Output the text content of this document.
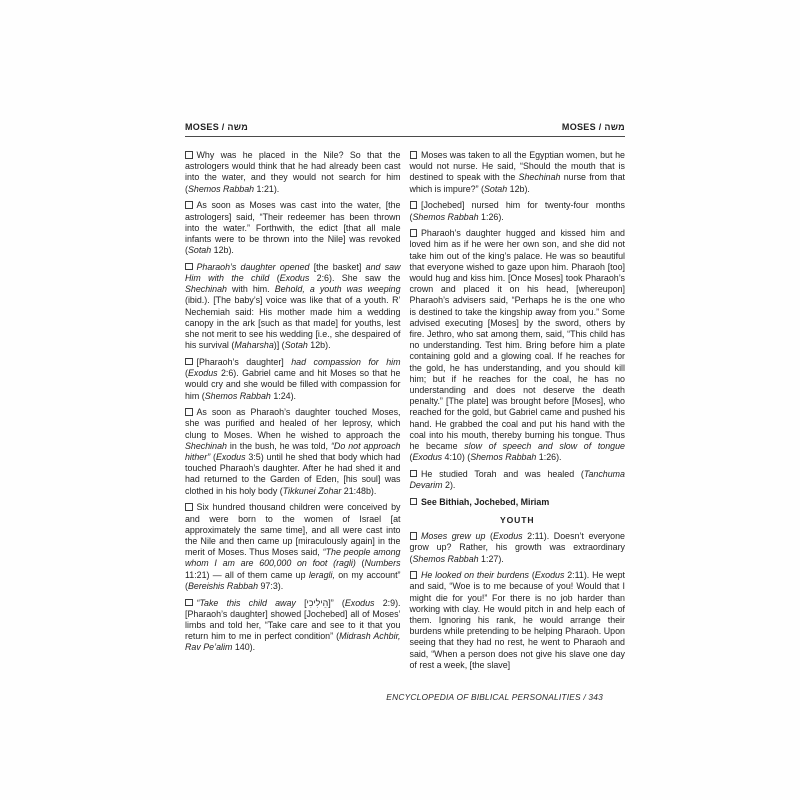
MOSES / משה	MOSES / משה

Why was he placed in the Nile? So that the astrologers would think that he had already been cast into the water, and they would not search for him (Shemos Rabbah 1:21).

As soon as Moses was cast into the water, [the astrologers] said, “Their redeemer has been thrown into the water.” Forthwith, the edict [that all male infants were to be thrown into the Nile] was revoked (Sotah 12b).

Pharaoh’s daughter opened [the basket] and saw Him with the child (Exodus 2:6). She saw the Shechinah with him. Behold, a youth was weeping (ibid.). [The baby’s] voice was like that of a youth. R’ Nechemiah said: His mother made him a wedding canopy in the ark [such as that made] for youths, lest she not merit to see his wedding [i.e., she despaired of his survival (Maharsha)] (Sotah 12b).

[Pharaoh’s daughter] had compassion for him (Exodus 2:6). Gabriel came and hit Moses so that he would cry and she would be filled with compassion for him (Shemos Rabbah 1:24).

As soon as Pharaoh’s daughter touched Moses, she was purified and healed of her leprosy, which clung to Moses. When he wished to approach the Shechinah in the bush, he was told, “Do not approach hither” (Exodus 3:5) until he shed that body which had touched Pharaoh’s daughter. After he had shed it and had returned to the Garden of Eden, [his soul] was clothed in his holy body (Tikkunei Zohar 21:48b).

Six hundred thousand children were conceived by and were born to the women of Israel [at approximately the same time], and all were cast into the Nile and then came up [miraculously again] in the merit of Moses. Thus Moses said, “The people among whom I am are 600,000 on foot (ragli) (Numbers 11:21) — all of them came up leragli, on my account” (Bereishis Rabbah 97:3).

“Take this child away [הֵילִיכִי]” (Exodus 2:9). [Pharaoh’s daughter] showed [Jochebed] all of Moses’ limbs and told her, “Take care and see to it that you return him to me in perfect condition” (Midrash Achbir, Rav Pe’alim 140).

Moses was taken to all the Egyptian women, but he would not nurse. He said, “Should the mouth that is destined to speak with the Shechinah nurse from that which is impure?” (Sotah 12b).

[Jochebed] nursed him for twenty-four months (Shemos Rabbah 1:26).

Pharaoh’s daughter hugged and kissed him and loved him as if he were her own son, and she did not take him out of the king’s palace. He was so beautiful that everyone wished to gaze upon him. Pharaoh [too] would hug and kiss him. [Once Moses] took Pharaoh’s crown and placed it on his head, [whereupon] Pharaoh’s advisers said, “Perhaps he is the one who is destined to take the kingship away from you.” Some advised executing [Moses] by the sword, others by fire. Jethro, who sat among them, said, “This child has no understanding. Test him. Bring before him a plate containing gold and a glowing coal. If he reaches for the gold, he has understanding, and you should kill him; but if he reaches for the coal, he has no understanding and does not deserve the death penalty.” [The plate] was brought before [Moses], who reached for the gold, but Gabriel came and pushed his hand. He grabbed the coal and put his hand with the coal into his mouth, thereby burning his tongue. Thus he became slow of speech and slow of tongue (Exodus 4:10) (Shemos Rabbah 1:26).

He studied Torah and was healed (Tanchuma Devarim 2).

See Bithiah, Jochebed, Miriam

YOUTH

Moses grew up (Exodus 2:11). Doesn’t everyone grow up? Rather, his growth was extraordinary (Shemos Rabbah 1:27).

He looked on their burdens (Exodus 2:11). He wept and said, “Woe is to me because of you! Would that I might die for you!” For there is no job harder than working with clay. He would pitch in and help each of them. Ignoring his rank, he would arrange their burdens while pretending to be helping Pharaoh. Upon seeing that they had no rest, he went to Pharaoh and said, “When a person does not give his slave one day of rest a week, [the slave]

ENCYCLOPEDIA OF BIBLICAL PERSONALITIES / 343
